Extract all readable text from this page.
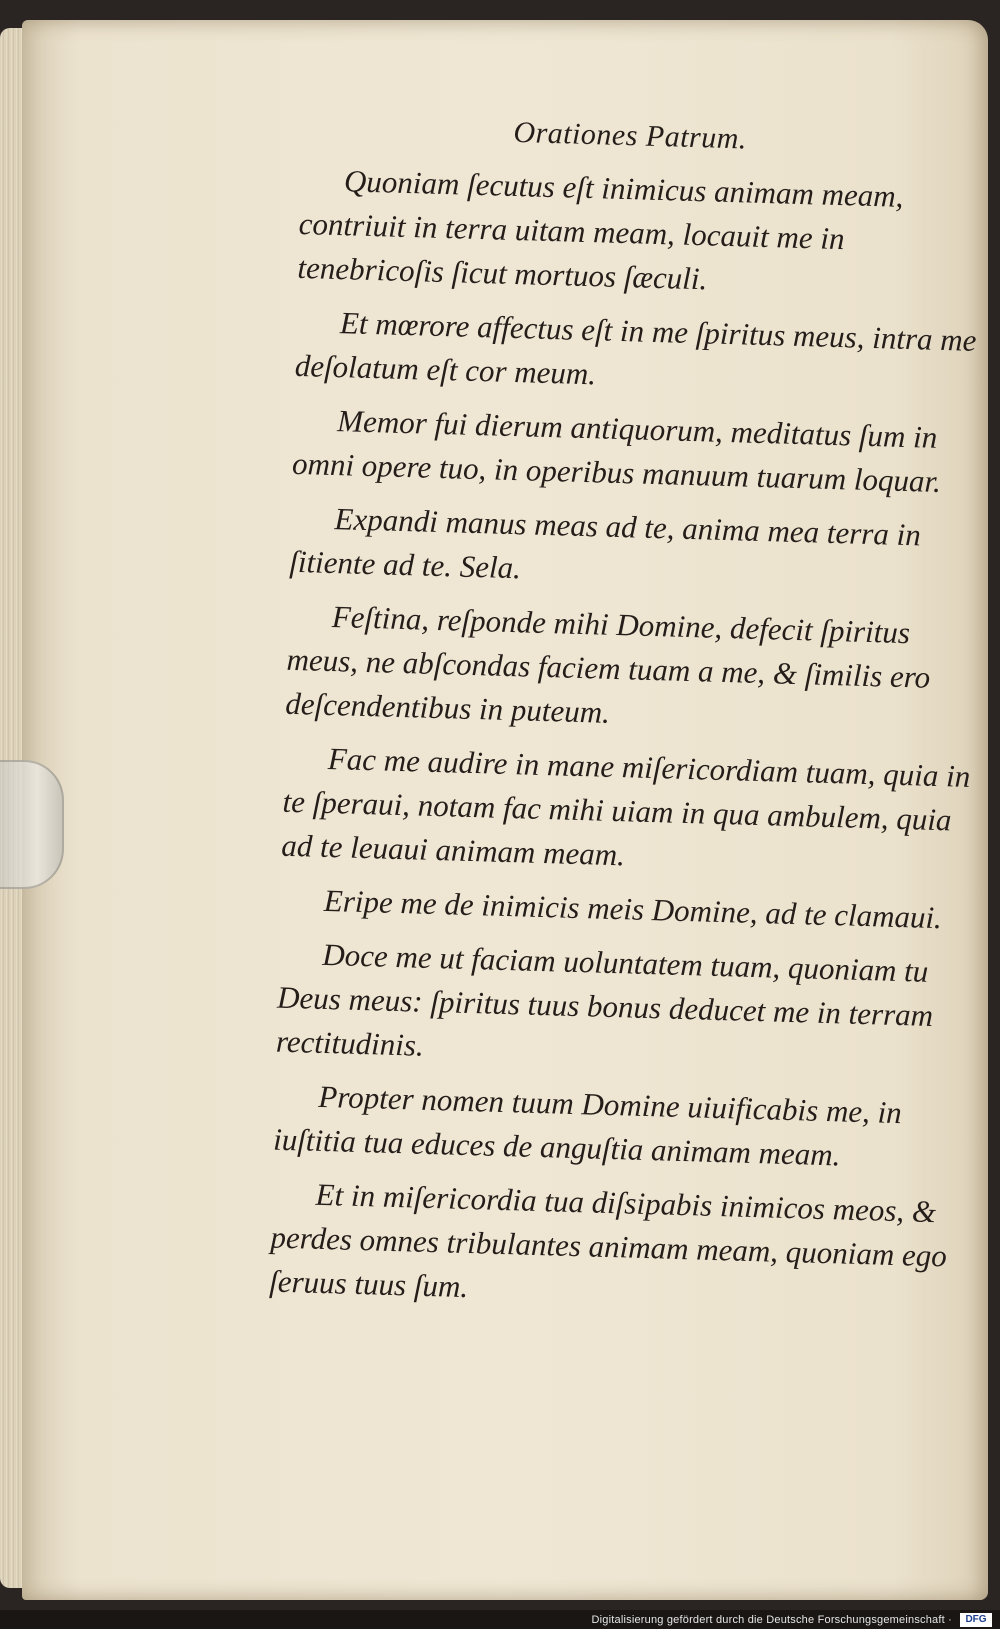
Orationes Patrum.
Quoniam ſecutus eſt inimicus animam meam, contriuit in terra uitam meam, locauit me in tenebricoſis ſicut mortuos ſæculi.
Et mœrore affectus eſt in me ſpiritus meus, intra me deſolatum eſt cor meum.
Memor fui dierum antiquorum, meditatus ſum in omni opere tuo, in operibus manuum tuarum loquar.
Expandi manus meas ad te, anima mea terra in ſitiente ad te. Sela.
Feſtina, reſponde mihi Domine, defecit ſpiritus meus, ne abſcondas faciem tuam a me, & ſimilis ero deſcendentibus in puteum.
Fac me audire in mane miſericordiam tuam, quia in te ſperaui, notam fac mihi uiam in qua ambulem, quia ad te leuaui animam meam.
Eripe me de inimicis meis Domine, ad te clamaui.
Doce me ut faciam uoluntatem tuam, quoniam tu Deus meus: ſpiritus tuus bonus deducet me in terram rectitudinis.
Propter nomen tuum Domine uiuificabis me, in iuſtitia tua educes de anguſtia animam meam.
Et in miſericordia tua diſsipabis inimicos meos, & perdes omnes tribulantes animam meam, quoniam ego ſeruus tuus ſum.
Digitalisierung gefördert durch die Deutsche Forschungsgemeinschaft ·	DFG
